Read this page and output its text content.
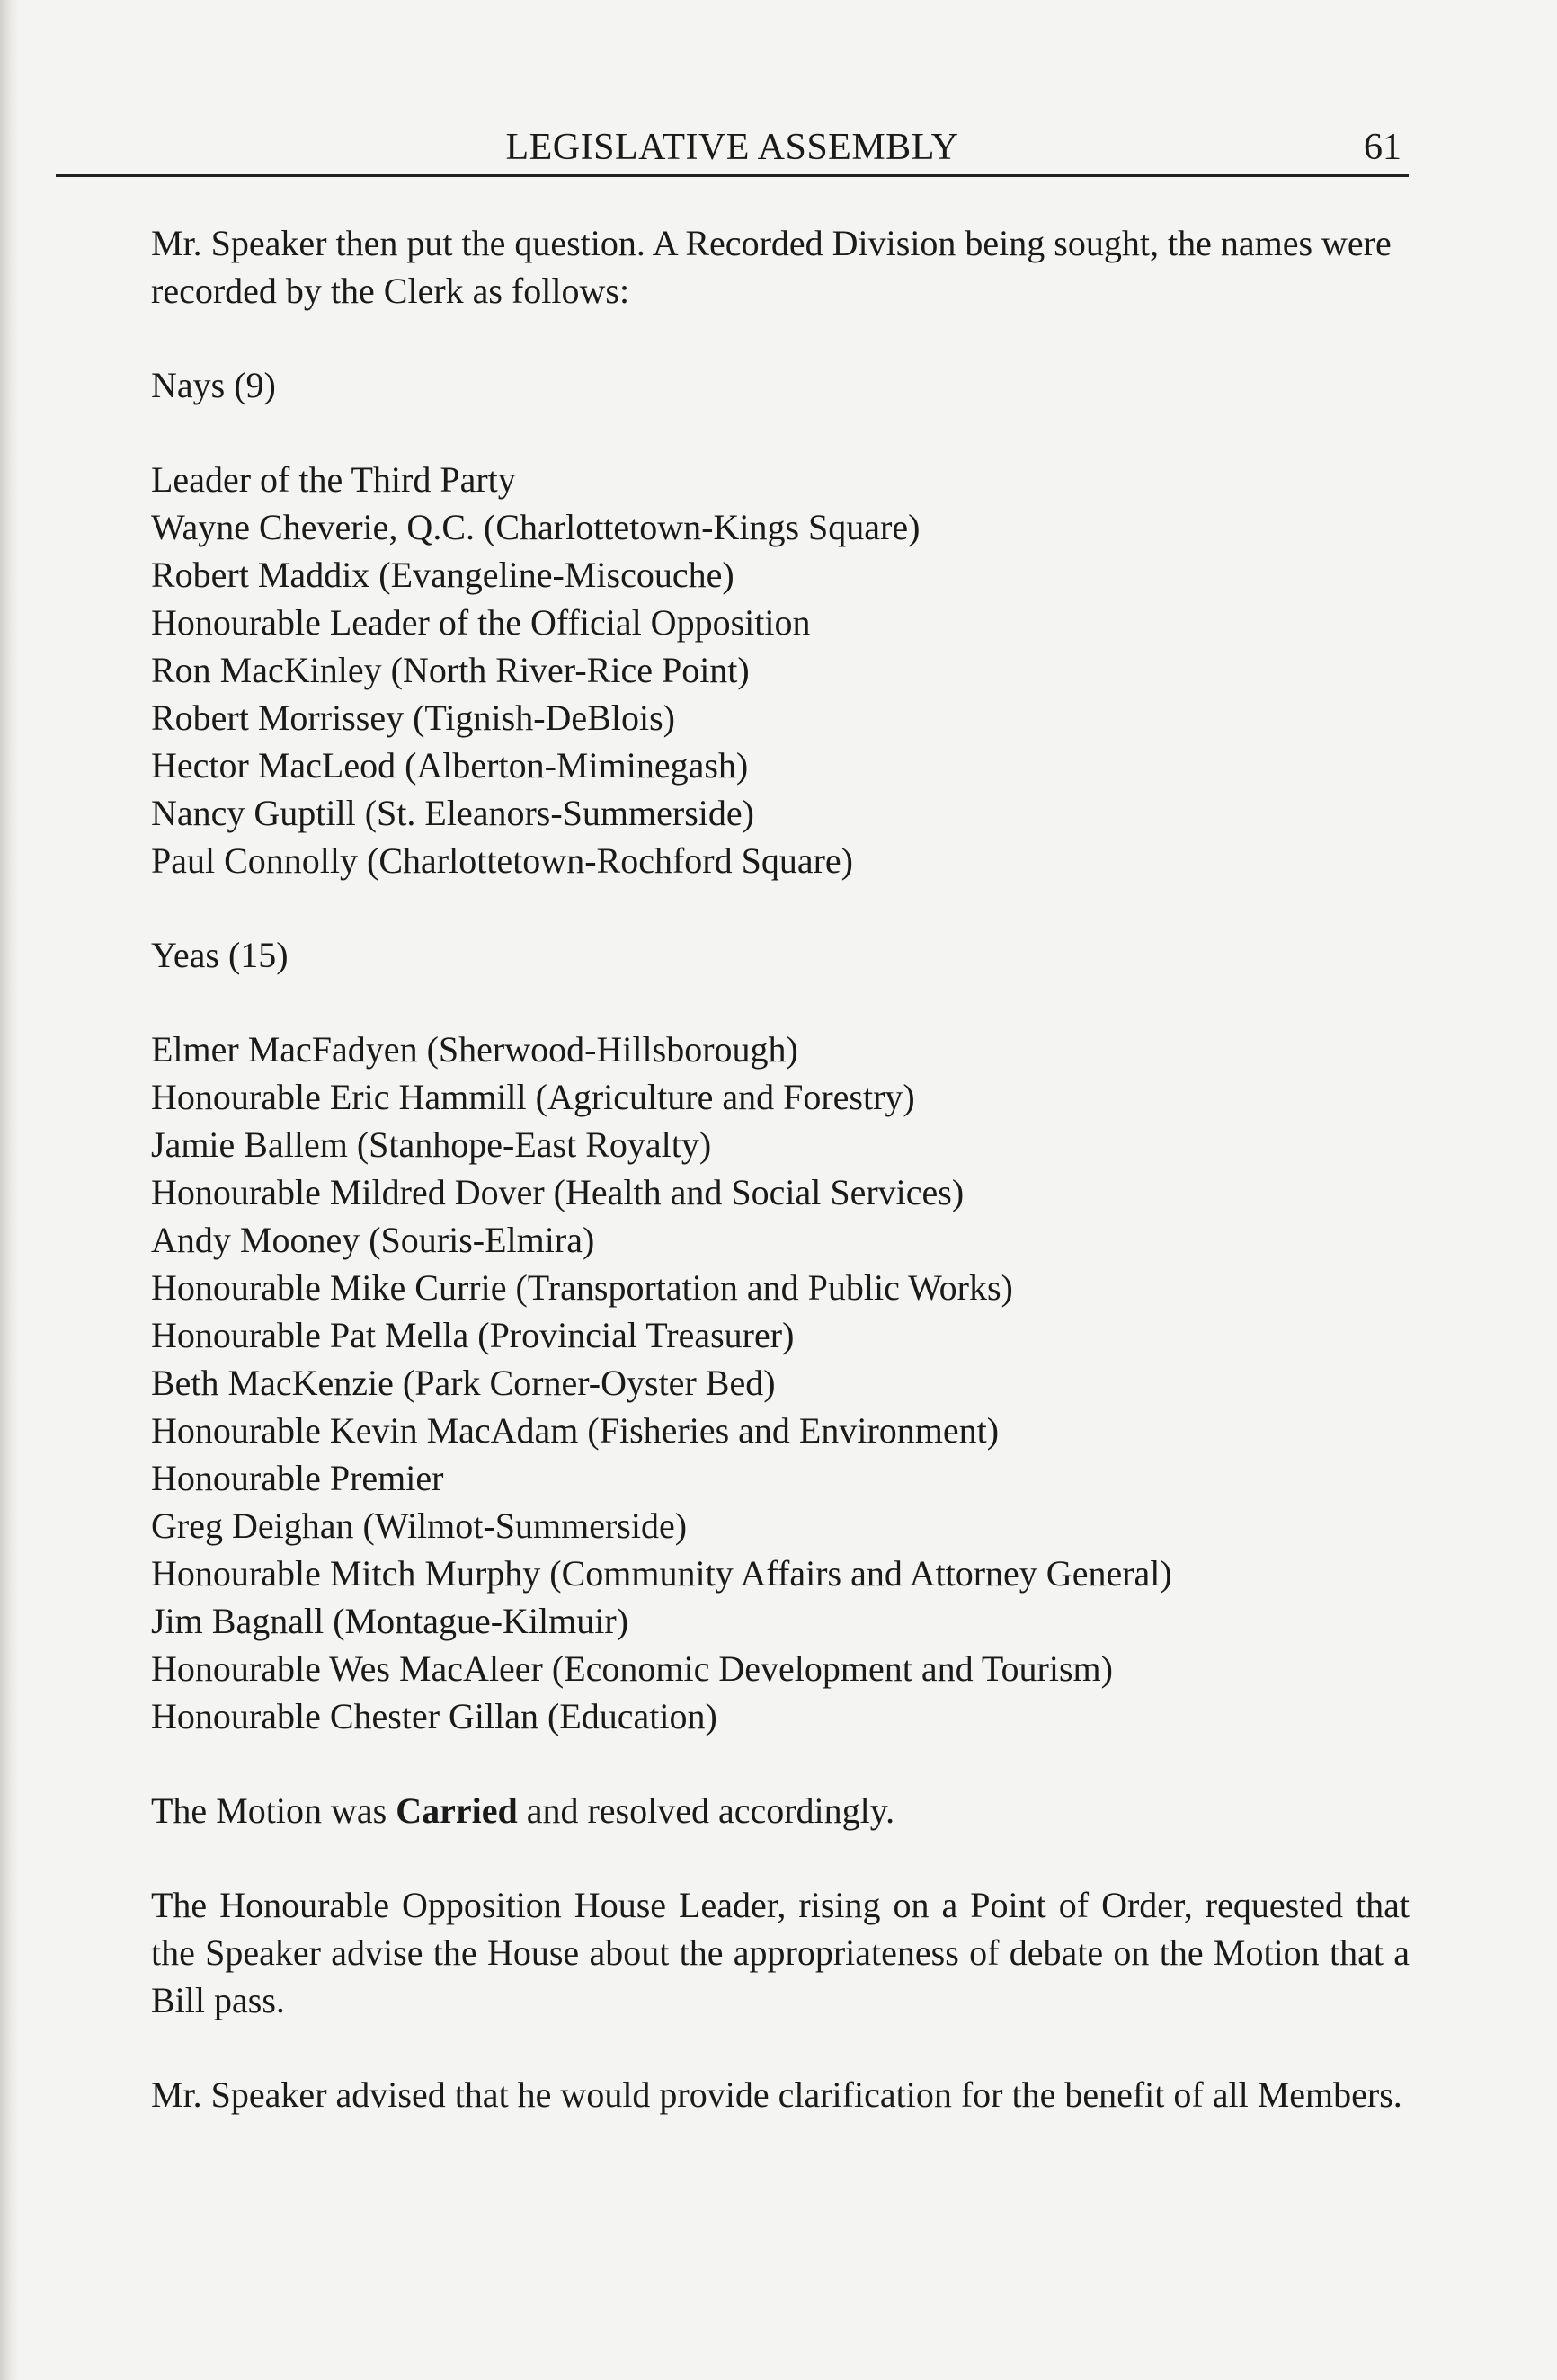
LEGISLATIVE ASSEMBLY	61

Mr. Speaker then put the question. A Recorded Division being sought, the names were recorded by the Clerk as follows:

Nays (9)
Leader of the Third Party
Wayne Cheverie, Q.C. (Charlottetown-Kings Square)
Robert Maddix (Evangeline-Miscouche)
Honourable Leader of the Official Opposition
Ron MacKinley (North River-Rice Point)
Robert Morrissey (Tignish-DeBlois)
Hector MacLeod (Alberton-Miminegash)
Nancy Guptill (St. Eleanors-Summerside)
Paul Connolly (Charlottetown-Rochford Square)
Yeas (15)
Elmer MacFadyen (Sherwood-Hillsborough)
Honourable Eric Hammill (Agriculture and Forestry)
Jamie Ballem (Stanhope-East Royalty)
Honourable Mildred Dover (Health and Social Services)
Andy Mooney (Souris-Elmira)
Honourable Mike Currie (Transportation and Public Works)
Honourable Pat Mella (Provincial Treasurer)
Beth MacKenzie (Park Corner-Oyster Bed)
Honourable Kevin MacAdam (Fisheries and Environment)
Honourable Premier
Greg Deighan (Wilmot-Summerside)
Honourable Mitch Murphy (Community Affairs and Attorney General)
Jim Bagnall (Montague-Kilmuir)
Honourable Wes MacAleer (Economic Development and Tourism)
Honourable Chester Gillan (Education)

The Motion was Carried and resolved accordingly.

The Honourable Opposition House Leader, rising on a Point of Order, requested that the Speaker advise the House about the appropriateness of debate on the Motion that a Bill pass.

Mr. Speaker advised that he would provide clarification for the benefit of all Members.
